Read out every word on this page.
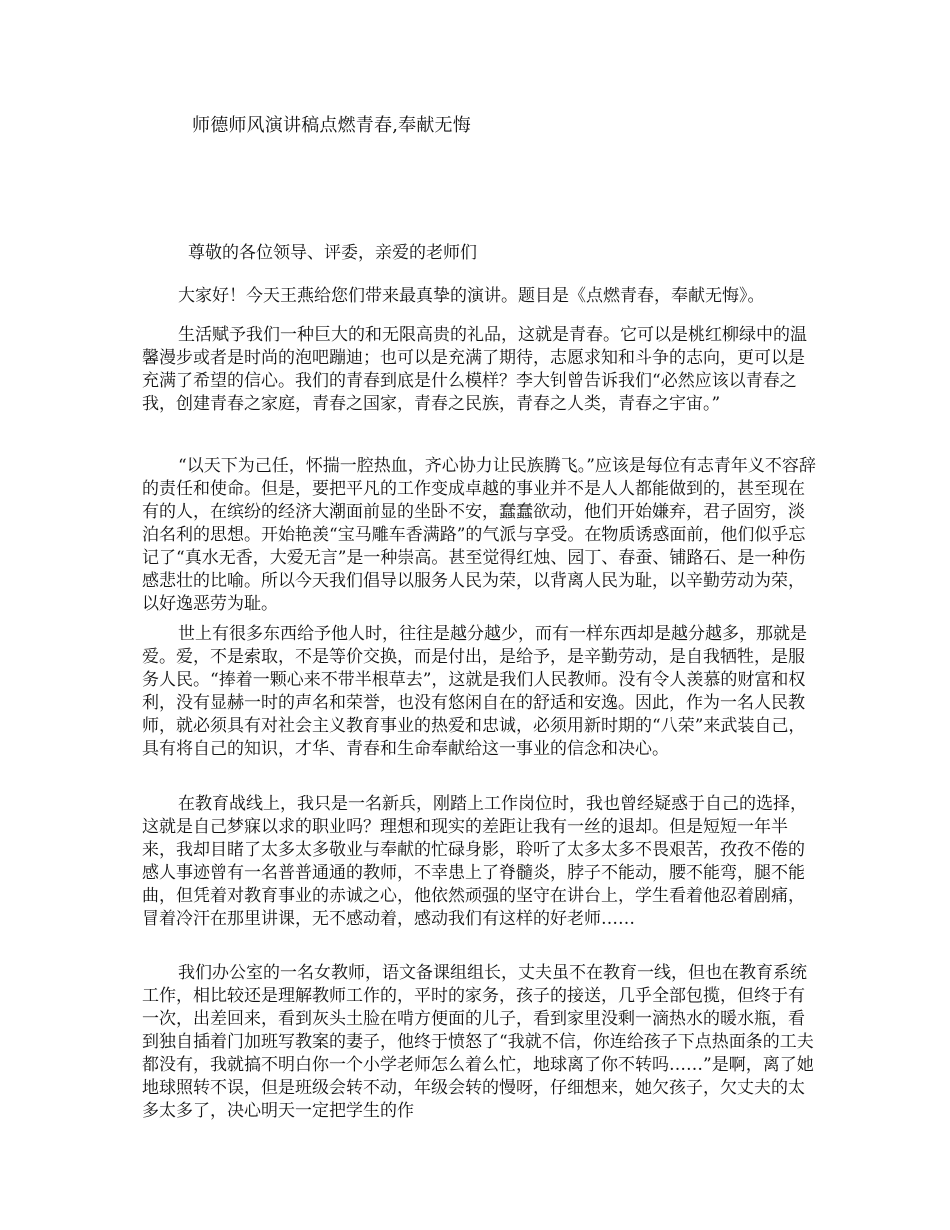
师德师风演讲稿点燃青春,奉献无悔
尊敬的各位领导、评委，亲爱的老师们

大家好！今天王燕给您们带来最真挚的演讲。题目是《点燃青春，奉献无悔》。

生活赋予我们一种巨大的和无限高贵的礼品，这就是青春。它可以是桃红柳绿中的温馨漫步或者是时尚的泡吧蹦迪；也可以是充满了期待，志愿求知和斗争的志向，更可以是充满了希望的信心。我们的青春到底是什么模样？李大钊曾告诉我们“必然应该以青春之我，创建青春之家庭，青春之国家，青春之民族，青春之人类，青春之宇宙。”

“以天下为己任，怀揣一腔热血，齐心协力让民族腾飞。”应该是每位有志青年义不容辞的责任和使命。但是，要把平凡的工作变成卓越的事业并不是人人都能做到的，甚至现在有的人，在缤纷的经济大潮面前显的坐卧不安，蠢蠢欲动，他们开始嫌弃，君子固穷，淡泊名利的思想。开始艳羡“宝马雕车香满路”的气派与享受。在物质诱惑面前，他们似乎忘记了“真水无香，大爱无言”是一种崇高。甚至觉得红烛、园丁、春蚕、铺路石、是一种伤感悲壮的比喻。所以今天我们倡导以服务人民为荣，以背离人民为耻，以辛勤劳动为荣，以好逸恶劳为耻。

世上有很多东西给予他人时，往往是越分越少，而有一样东西却是越分越多，那就是爱。爱，不是索取，不是等价交换，而是付出，是给予，是辛勤劳动，是自我牺牲，是服务人民。“捧着一颗心来不带半根草去”，这就是我们人民教师。没有令人羡慕的财富和权利，没有显赫一时的声名和荣誉，也没有悠闲自在的舒适和安逸。因此，作为一名人民教师，就必须具有对社会主义教育事业的热爱和忠诚，必须用新时期的“八荣”来武装自己，具有将自己的知识，才华、青春和生命奉献给这一事业的信念和决心。

在教育战线上，我只是一名新兵，刚踏上工作岗位时，我也曾经疑惑于自己的选择，这就是自己梦寐以求的职业吗？理想和现实的差距让我有一丝的退却。但是短短一年半来，我却目睹了太多太多敬业与奉献的忙碌身影，聆听了太多太多不畏艰苦，孜孜不倦的感人事迹曾有一名普普通通的教师，不幸患上了脊髓炎，脖子不能动，腰不能弯，腿不能曲，但凭着对教育事业的赤诚之心，他依然顽强的坚守在讲台上，学生看着他忍着剧痛，冒着冷汗在那里讲课，无不感动着，感动我们有这样的好老师……

我们办公室的一名女教师，语文备课组组长，丈夫虽不在教育一线，但也在教育系统工作，相比较还是理解教师工作的，平时的家务，孩子的接送，几乎全部包揽，但终于有一次，出差回来，看到灰头土脸在啃方便面的儿子，看到家里没剩一滴热水的暖水瓶，看到独自插着门加班写教案的妻子，他终于愤怒了“我就不信，你连给孩子下点热面条的工夫都没有，我就搞不明白你一个小学老师怎么着么忙，地球离了你不转吗……”是啊，离了她地球照转不误，但是班级会转不动，年级会转的慢呀，仔细想来，她欠孩子，欠丈夫的太多太多了，决心明天一定把学生的作
